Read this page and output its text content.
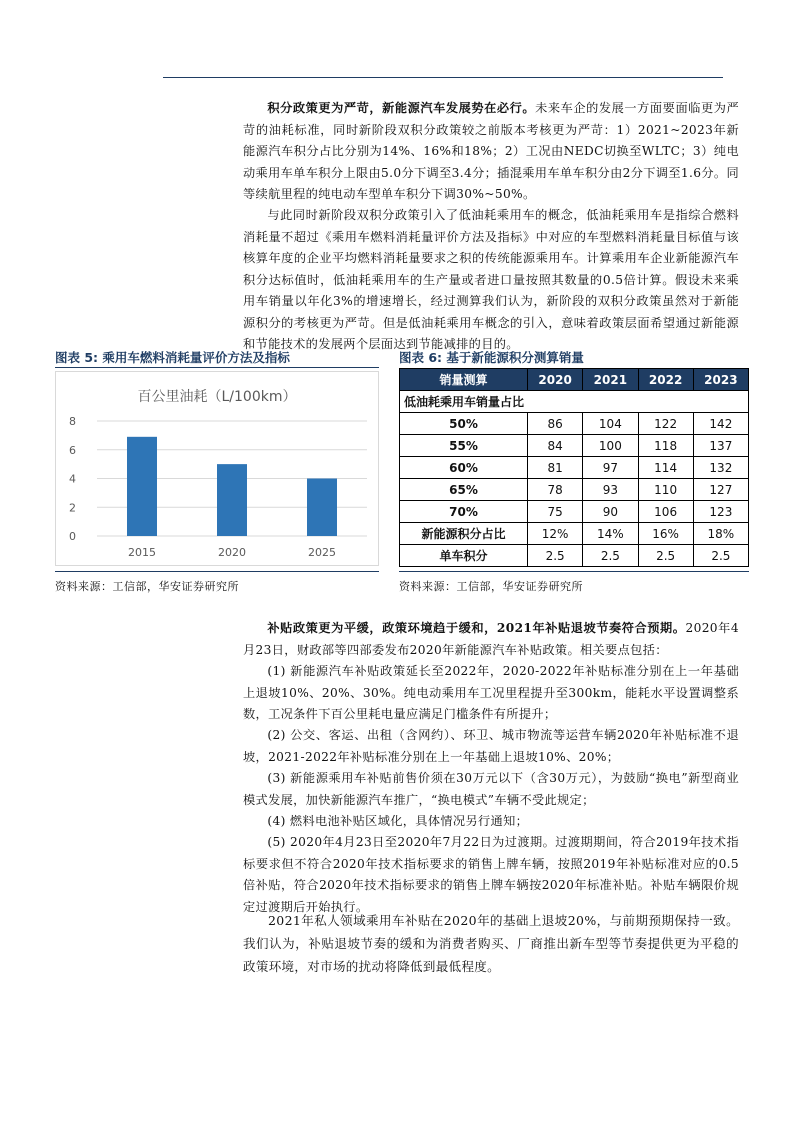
积分政策更为严苛，新能源汽车发展势在必行。未来车企的发展一方面要面临更为严苛的油耗标准，同时新阶段双积分政策较之前版本考核更为严苛：1）2021~2023年新能源汽车积分占比分别为14%、16%和18%；2）工况由NEDC切换至WLTC；3）纯电动乘用车单车积分上限由5.0分下调至3.4分；插混乘用车单车积分由2分下调至1.6分。同等续航里程的纯电动车型单车积分下调30%~50%。

与此同时新阶段双积分政策引入了低油耗乘用车的概念，低油耗乘用车是指综合燃料消耗量不超过《乘用车燃料消耗量评价方法及指标》中对应的车型燃料消耗量目标值与该核算年度的企业平均燃料消耗量要求之积的传统能源乘用车。计算乘用车企业新能源汽车积分达标值时，低油耗乘用车的生产量或者进口量按照其数量的0.5倍计算。假设未来乘用车销量以年化3%的增速增长，经过测算我们认为，新阶段的双积分政策虽然对于新能源积分的考核更为严苛。但是低油耗乘用车概念的引入，意味着政策层面希望通过新能源和节能技术的发展两个层面达到节能减排的目的。

图表 5: 乘用车燃料消耗量评价方法及指标

百公里油耗（L/100km）
0
2
4
6
8
2015	2020	2025

资料来源：工信部，华安证券研究所

图表 6: 基于新能源积分测算销量

销量测算	2020	2021	2022	2023
低油耗乘用车销量占比				
50%	86	104	122	142
55%	84	100	118	137
60%	81	97	114	132
65%	78	93	110	127
70%	75	90	106	123
新能源积分占比	12%	14%	16%	18%
单车积分	2.5	2.5	2.5	2.5

资料来源：工信部，华安证券研究所

补贴政策更为平缓，政策环境趋于缓和，2021年补贴退坡节奏符合预期。2020年4月23日，财政部等四部委发布2020年新能源汽车补贴政策。相关要点包括：

(1) 新能源汽车补贴政策延长至2022年，2020-2022年补贴标准分别在上一年基础上退坡10%、20%、30%。纯电动乘用车工况里程提升至300km，能耗水平设置调整系数，工况条件下百公里耗电量应满足门槛条件有所提升；

(2) 公交、客运、出租（含网约）、环卫、城市物流等运营车辆2020年补贴标准不退坡，2021-2022年补贴标准分别在上一年基础上退坡10%、20%；

(3) 新能源乘用车补贴前售价须在30万元以下（含30万元），为鼓励“换电”新型商业模式发展，加快新能源汽车推广，“换电模式”车辆不受此规定；

(4) 燃料电池补贴区域化，具体情况另行通知；

(5) 2020年4月23日至2020年7月22日为过渡期。过渡期期间，符合2019年技术指标要求但不符合2020年技术指标要求的销售上牌车辆，按照2019年补贴标准对应的0.5倍补贴，符合2020年技术指标要求的销售上牌车辆按2020年标准补贴。补贴车辆限价规定过渡期后开始执行。

2021年私人领域乘用车补贴在2020年的基础上退坡20%，与前期预期保持一致。我们认为，补贴退坡节奏的缓和为消费者购买、厂商推出新车型等节奏提供更为平稳的政策环境，对市场的扰动将降低到最低程度。
